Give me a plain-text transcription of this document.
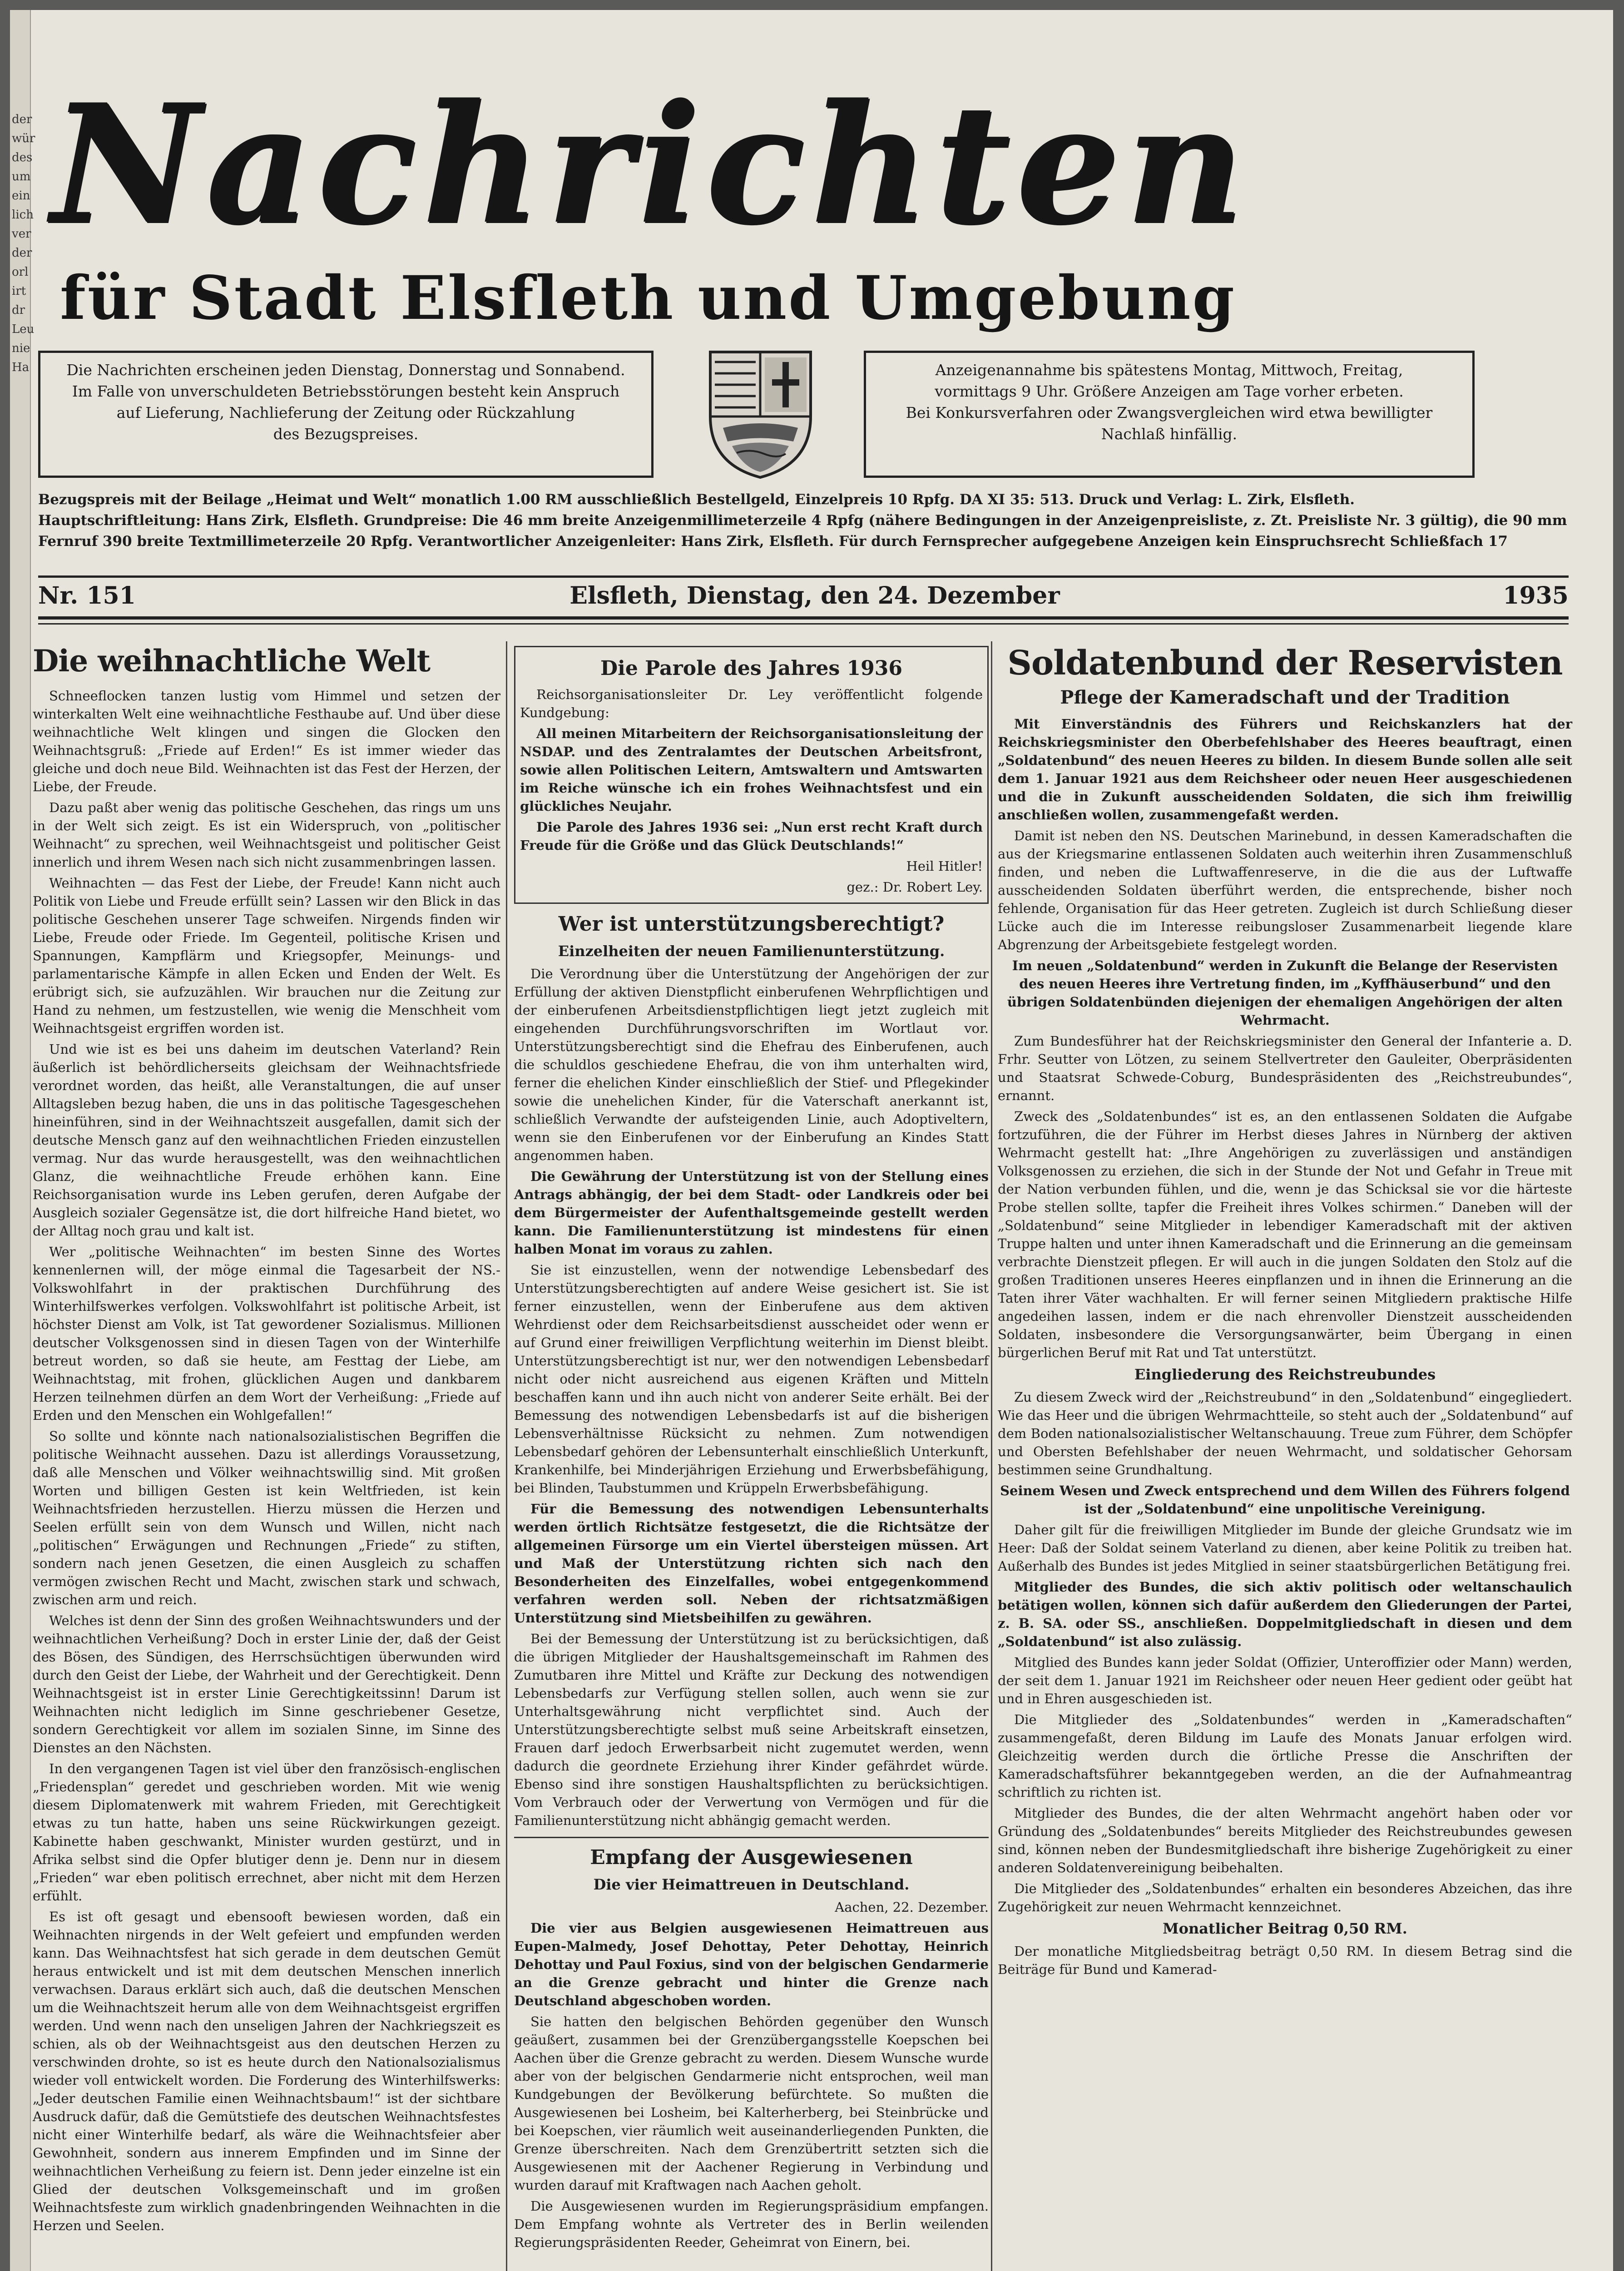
der
wür
des
um
ein
lich
ver
der
orl
irt
dr
Leu
nie
Ha
Nachrichten
für Stadt Elsfleth und Umgebung
Die Nachrichten erscheinen jeden Dienstag, Donnerstag und Sonnabend.
Im Falle von unverschuldeten Betriebsstörungen besteht kein Anspruch
auf Lieferung, Nachlieferung der Zeitung oder Rückzahlung
des Bezugspreises.
Anzeigenannahme bis spätestens Montag, Mittwoch, Freitag,
vormittags 9 Uhr. Größere Anzeigen am Tage vorher erbeten.
Bei Konkursverfahren oder Zwangsvergleichen wird etwa bewilligter
Nachlaß hinfällig.
Bezugspreis mit der Beilage „Heimat und Welt“ monatlich 1.00 RM ausschließlich Bestellgeld, Einzelpreis 10 Rpfg. DA XI 35: 513. Druck und Verlag: L. Zirk, Elsfleth.
Hauptschriftleitung: Hans Zirk, Elsfleth. Grundpreise: Die 46 mm breite Anzeigenmillimeterzeile 4 Rpfg (nähere Bedingungen in der Anzeigenpreisliste, z. Zt. Preisliste Nr. 3 gültig), die 90 mm
Fernruf 390 breite Textmillimeterzeile 20 Rpfg. Verantwortlicher Anzeigenleiter: Hans Zirk, Elsfleth. Für durch Fernsprecher aufgegebene Anzeigen kein Einspruchsrecht Schließfach 17
Nr. 151	Elsfleth, Dienstag, den 24. Dezember	1935
Die weihnachtliche Welt

Schneeflocken tanzen lustig vom Himmel und setzen der winterkalten Welt eine weihnachtliche Festhaube auf. Und über diese weihnachtliche Welt klingen und singen die Glocken den Weihnachtsgruß: „Friede auf Erden!“ Es ist immer wieder das gleiche und doch neue Bild. Weihnachten ist das Fest der Herzen, der Liebe, der Freude.

Dazu paßt aber wenig das politische Geschehen, das rings um uns in der Welt sich zeigt. Es ist ein Widerspruch, von „politischer Weihnacht“ zu sprechen, weil Weihnachtsgeist und politischer Geist innerlich und ihrem Wesen nach sich nicht zusammenbringen lassen.

Weihnachten — das Fest der Liebe, der Freude! Kann nicht auch Politik von Liebe und Freude erfüllt sein? Lassen wir den Blick in das politische Geschehen unserer Tage schweifen. Nirgends finden wir Liebe, Freude oder Friede. Im Gegenteil, politische Krisen und Spannungen, Kampflärm und Kriegsopfer, Meinungs- und parlamentarische Kämpfe in allen Ecken und Enden der Welt. Es erübrigt sich, sie aufzuzählen. Wir brauchen nur die Zeitung zur Hand zu nehmen, um festzustellen, wie wenig die Menschheit vom Weihnachtsgeist ergriffen worden ist.

Und wie ist es bei uns daheim im deutschen Vaterland? Rein äußerlich ist behördlicherseits gleichsam der Weihnachtsfriede verordnet worden, das heißt, alle Veranstaltungen, die auf unser Alltagsleben bezug haben, die uns in das politische Tagesgeschehen hineinführen, sind in der Weihnachtszeit ausgefallen, damit sich der deutsche Mensch ganz auf den weihnachtlichen Frieden einzustellen vermag. Nur das wurde herausgestellt, was den weihnachtlichen Glanz, die weihnachtliche Freude erhöhen kann. Eine Reichsorganisation wurde ins Leben gerufen, deren Aufgabe der Ausgleich sozialer Gegensätze ist, die dort hilfreiche Hand bietet, wo der Alltag noch grau und kalt ist.

Wer „politische Weihnachten“ im besten Sinne des Wortes kennenlernen will, der möge einmal die Tagesarbeit der NS.-Volkswohlfahrt in der praktischen Durchführung des Winterhilfswerkes verfolgen. Volkswohlfahrt ist politische Arbeit, ist höchster Dienst am Volk, ist Tat gewordener Sozialismus. Millionen deutscher Volksgenossen sind in diesen Tagen von der Winterhilfe betreut worden, so daß sie heute, am Festtag der Liebe, am Weihnachtstag, mit frohen, glücklichen Augen und dankbarem Herzen teilnehmen dürfen an dem Wort der Verheißung: „Friede auf Erden und den Menschen ein Wohlgefallen!“

So sollte und könnte nach nationalsozialistischen Begriffen die politische Weihnacht aussehen. Dazu ist allerdings Voraussetzung, daß alle Menschen und Völker weihnachtswillig sind. Mit großen Worten und billigen Gesten ist kein Weltfrieden, ist kein Weihnachtsfrieden herzustellen. Hierzu müssen die Herzen und Seelen erfüllt sein von dem Wunsch und Willen, nicht nach „politischen“ Erwägungen und Rechnungen „Friede“ zu stiften, sondern nach jenen Gesetzen, die einen Ausgleich zu schaffen vermögen zwischen Recht und Macht, zwischen stark und schwach, zwischen arm und reich.

Welches ist denn der Sinn des großen Weihnachtswunders und der weihnachtlichen Verheißung? Doch in erster Linie der, daß der Geist des Bösen, des Sündigen, des Herrschsüchtigen überwunden wird durch den Geist der Liebe, der Wahrheit und der Gerechtigkeit. Denn Weihnachtsgeist ist in erster Linie Gerechtigkeitssinn! Darum ist Weihnachten nicht lediglich im Sinne geschriebener Gesetze, sondern Gerechtigkeit vor allem im sozialen Sinne, im Sinne des Dienstes an den Nächsten.

In den vergangenen Tagen ist viel über den französisch-englischen „Friedensplan“ geredet und geschrieben worden. Mit wie wenig diesem Diplomatenwerk mit wahrem Frieden, mit Gerechtigkeit etwas zu tun hatte, haben uns seine Rückwirkungen gezeigt. Kabinette haben geschwankt, Minister wurden gestürzt, und in Afrika selbst sind die Opfer blutiger denn je. Denn nur in diesem „Frieden“ war eben politisch errechnet, aber nicht mit dem Herzen erfühlt.

Es ist oft gesagt und ebensooft bewiesen worden, daß ein Weihnachten nirgends in der Welt gefeiert und empfunden werden kann. Das Weihnachtsfest hat sich gerade in dem deutschen Gemüt heraus entwickelt und ist mit dem deutschen Menschen innerlich verwachsen. Daraus erklärt sich auch, daß die deutschen Menschen um die Weihnachtszeit herum alle von dem Weihnachtsgeist ergriffen werden. Und wenn nach den unseligen Jahren der Nachkriegszeit es schien, als ob der Weihnachtsgeist aus den deutschen Herzen zu verschwinden drohte, so ist es heute durch den Nationalsozialismus wieder voll entwickelt worden. Die Forderung des Winterhilfswerks: „Jeder deutschen Familie einen Weihnachtsbaum!“ ist der sichtbare Ausdruck dafür, daß die Gemütstiefe des deutschen Weihnachtsfestes nicht einer Winterhilfe bedarf, als wäre die Weihnachtsfeier aber Gewohnheit, sondern aus innerem Empfinden und im Sinne der weihnachtlichen Verheißung zu feiern ist. Denn jeder einzelne ist ein Glied der deutschen Volksgemeinschaft und im großen Weihnachtsfeste zum wirklich gnadenbringenden Weihnachten in die Herzen und Seelen.

Die Parole des Jahres 1936

Reichsorganisationsleiter Dr. Ley veröffentlicht folgende Kundgebung:

All meinen Mitarbeitern der Reichsorganisationsleitung der NSDAP. und des Zentralamtes der Deutschen Arbeitsfront, sowie allen Politischen Leitern, Amtswaltern und Amtswarten im Reiche wünsche ich ein frohes Weihnachtsfest und ein glückliches Neujahr.

Die Parole des Jahres 1936 sei: „Nun erst recht Kraft durch Freude für die Größe und das Glück Deutschlands!“

Heil Hitler!

gez.: Dr. Robert Ley.

Wer ist unterstützungsberechtigt?
Einzelheiten der neuen Familienunterstützung.

Die Verordnung über die Unterstützung der Angehörigen der zur Erfüllung der aktiven Dienstpflicht einberufenen Wehrpflichtigen und der einberufenen Arbeitsdienstpflichtigen liegt jetzt zugleich mit eingehenden Durchführungsvorschriften im Wortlaut vor. Unterstützungsberechtigt sind die Ehefrau des Einberufenen, auch die schuldlos geschiedene Ehefrau, die von ihm unterhalten wird, ferner die ehelichen Kinder einschließlich der Stief- und Pflegekinder sowie die unehelichen Kinder, für die Vaterschaft anerkannt ist, schließlich Verwandte der aufsteigenden Linie, auch Adoptiveltern, wenn sie den Einberufenen vor der Einberufung an Kindes Statt angenommen haben.

Die Gewährung der Unterstützung ist von der Stellung eines Antrags abhängig, der bei dem Stadt- oder Landkreis oder bei dem Bürgermeister der Aufenthaltsgemeinde gestellt werden kann. Die Familienunterstützung ist mindestens für einen halben Monat im voraus zu zahlen.

Sie ist einzustellen, wenn der notwendige Lebensbedarf des Unterstützungsberechtigten auf andere Weise gesichert ist. Sie ist ferner einzustellen, wenn der Einberufene aus dem aktiven Wehrdienst oder dem Reichsarbeitsdienst ausscheidet oder wenn er auf Grund einer freiwilligen Verpflichtung weiterhin im Dienst bleibt. Unterstützungsberechtigt ist nur, wer den notwendigen Lebensbedarf nicht oder nicht ausreichend aus eigenen Kräften und Mitteln beschaffen kann und ihn auch nicht von anderer Seite erhält. Bei der Bemessung des notwendigen Lebensbedarfs ist auf die bisherigen Lebensverhältnisse Rücksicht zu nehmen. Zum notwendigen Lebensbedarf gehören der Lebensunterhalt einschließlich Unterkunft, Krankenhilfe, bei Minderjährigen Erziehung und Erwerbsbefähigung, bei Blinden, Taubstummen und Krüppeln Erwerbsbefähigung.

Für die Bemessung des notwendigen Lebensunterhalts werden örtlich Richtsätze festgesetzt, die die Richtsätze der allgemeinen Fürsorge um ein Viertel übersteigen müssen. Art und Maß der Unterstützung richten sich nach den Besonderheiten des Einzelfalles, wobei entgegenkommend verfahren werden soll. Neben der richtsatzmäßigen Unterstützung sind Mietsbeihilfen zu gewähren.

Bei der Bemessung der Unterstützung ist zu berücksichtigen, daß die übrigen Mitglieder der Haushaltsgemeinschaft im Rahmen des Zumutbaren ihre Mittel und Kräfte zur Deckung des notwendigen Lebensbedarfs zur Verfügung stellen sollen, auch wenn sie zur Unterhaltsgewährung nicht verpflichtet sind. Auch der Unterstützungsberechtigte selbst muß seine Arbeitskraft einsetzen, Frauen darf jedoch Erwerbsarbeit nicht zugemutet werden, wenn dadurch die geordnete Erziehung ihrer Kinder gefährdet würde. Ebenso sind ihre sonstigen Haushaltspflichten zu berücksichtigen. Vom Verbrauch oder der Verwertung von Vermögen und für die Familienunterstützung nicht abhängig gemacht werden.

Empfang der Ausgewiesenen
Die vier Heimattreuen in Deutschland.

Aachen, 22. Dezember.

Die vier aus Belgien ausgewiesenen Heimattreuen aus Eupen-Malmedy, Josef Dehottay, Peter Dehottay, Heinrich Dehottay und Paul Foxius, sind von der belgischen Gendarmerie an die Grenze gebracht und hinter die Grenze nach Deutschland abgeschoben worden.

Sie hatten den belgischen Behörden gegenüber den Wunsch geäußert, zusammen bei der Grenzübergangsstelle Koepschen bei Aachen über die Grenze gebracht zu werden. Diesem Wunsche wurde aber von der belgischen Gendarmerie nicht entsprochen, weil man Kundgebungen der Bevölkerung befürchtete. So mußten die Ausgewiesenen bei Losheim, bei Kalterherberg, bei Steinbrücke und bei Koepschen, vier räumlich weit auseinanderliegenden Punkten, die Grenze überschreiten. Nach dem Grenzübertritt setzten sich die Ausgewiesenen mit der Aachener Regierung in Verbindung und wurden darauf mit Kraftwagen nach Aachen geholt.

Die Ausgewiesenen wurden im Regierungspräsidium empfangen. Dem Empfang wohnte als Vertreter des in Berlin weilenden Regierungspräsidenten Reeder, Geheimrat von Einern, bei.

Soldatenbund der Reservisten
Pflege der Kameradschaft und der Tradition

Mit Einverständnis des Führers und Reichskanzlers hat der Reichskriegsminister den Oberbefehlshaber des Heeres beauftragt, einen „Soldatenbund“ des neuen Heeres zu bilden. In diesem Bunde sollen alle seit dem 1. Januar 1921 aus dem Reichsheer oder neuen Heer ausgeschiedenen und die in Zukunft ausscheidenden Soldaten, die sich ihm freiwillig anschließen wollen, zusammengefaßt werden.

Damit ist neben den NS. Deutschen Marinebund, in dessen Kameradschaften die aus der Kriegsmarine entlassenen Soldaten auch weiterhin ihren Zusammenschluß finden, und neben die Luftwaffenreserve, in die die aus der Luftwaffe ausscheidenden Soldaten überführt werden, die entsprechende, bisher noch fehlende, Organisation für das Heer getreten. Zugleich ist durch Schließung dieser Lücke auch die im Interesse reibungsloser Zusammenarbeit liegende klare Abgrenzung der Arbeitsgebiete festgelegt worden.

Im neuen „Soldatenbund“ werden in Zukunft die Belange der Reservisten des neuen Heeres ihre Vertretung finden, im „Kyffhäuserbund“ und den übrigen Soldatenbünden diejenigen der ehemaligen Angehörigen der alten Wehrmacht.

Zum Bundesführer hat der Reichskriegsminister den General der Infanterie a. D. Frhr. Seutter von Lötzen, zu seinem Stellvertreter den Gauleiter, Oberpräsidenten und Staatsrat Schwede-Coburg, Bundespräsidenten des „Reichstreubundes“, ernannt.

Zweck des „Soldatenbundes“ ist es, an den entlassenen Soldaten die Aufgabe fortzuführen, die der Führer im Herbst dieses Jahres in Nürnberg der aktiven Wehrmacht gestellt hat: „Ihre Angehörigen zu zuverlässigen und anständigen Volksgenossen zu erziehen, die sich in der Stunde der Not und Gefahr in Treue mit der Nation verbunden fühlen, und die, wenn je das Schicksal sie vor die härteste Probe stellen sollte, tapfer die Freiheit ihres Volkes schirmen.“ Daneben will der „Soldatenbund“ seine Mitglieder in lebendiger Kameradschaft mit der aktiven Truppe halten und unter ihnen Kameradschaft und die Erinnerung an die gemeinsam verbrachte Dienstzeit pflegen. Er will auch in die jungen Soldaten den Stolz auf die großen Traditionen unseres Heeres einpflanzen und in ihnen die Erinnerung an die Taten ihrer Väter wachhalten. Er will ferner seinen Mitgliedern praktische Hilfe angedeihen lassen, indem er die nach ehrenvoller Dienstzeit ausscheidenden Soldaten, insbesondere die Versorgungsanwärter, beim Übergang in einen bürgerlichen Beruf mit Rat und Tat unterstützt.

Eingliederung des Reichstreubundes

Zu diesem Zweck wird der „Reichstreubund“ in den „Soldatenbund“ eingegliedert. Wie das Heer und die übrigen Wehrmachtteile, so steht auch der „Soldatenbund“ auf dem Boden nationalsozialistischer Weltanschauung. Treue zum Führer, dem Schöpfer und Obersten Befehlshaber der neuen Wehrmacht, und soldatischer Gehorsam bestimmen seine Grundhaltung.

Seinem Wesen und Zweck entsprechend und dem Willen des Führers folgend ist der „Soldatenbund“ eine unpolitische Vereinigung.

Daher gilt für die freiwilligen Mitglieder im Bunde der gleiche Grundsatz wie im Heer: Daß der Soldat seinem Vaterland zu dienen, aber keine Politik zu treiben hat. Außerhalb des Bundes ist jedes Mitglied in seiner staatsbürgerlichen Betätigung frei.

Mitglieder des Bundes, die sich aktiv politisch oder weltanschaulich betätigen wollen, können sich dafür außerdem den Gliederungen der Partei, z. B. SA. oder SS., anschließen. Doppelmitgliedschaft in diesen und dem „Soldatenbund“ ist also zulässig.

Mitglied des Bundes kann jeder Soldat (Offizier, Unteroffizier oder Mann) werden, der seit dem 1. Januar 1921 im Reichsheer oder neuen Heer gedient oder geübt hat und in Ehren ausgeschieden ist.

Die Mitglieder des „Soldatenbundes“ werden in „Kameradschaften“ zusammengefaßt, deren Bildung im Laufe des Monats Januar erfolgen wird. Gleichzeitig werden durch die örtliche Presse die Anschriften der Kameradschaftsführer bekanntgegeben werden, an die der Aufnahmeantrag schriftlich zu richten ist.

Mitglieder des Bundes, die der alten Wehrmacht angehört haben oder vor Gründung des „Soldatenbundes“ bereits Mitglieder des Reichstreubundes gewesen sind, können neben der Bundesmitgliedschaft ihre bisherige Zugehörigkeit zu einer anderen Soldatenvereinigung beibehalten.

Die Mitglieder des „Soldatenbundes“ erhalten ein besonderes Abzeichen, das ihre Zugehörigkeit zur neuen Wehrmacht kennzeichnet.

Monatlicher Beitrag 0,50 RM.

Der monatliche Mitgliedsbeitrag beträgt 0,50 RM. In diesem Betrag sind die Beiträge für Bund und Kamerad-
